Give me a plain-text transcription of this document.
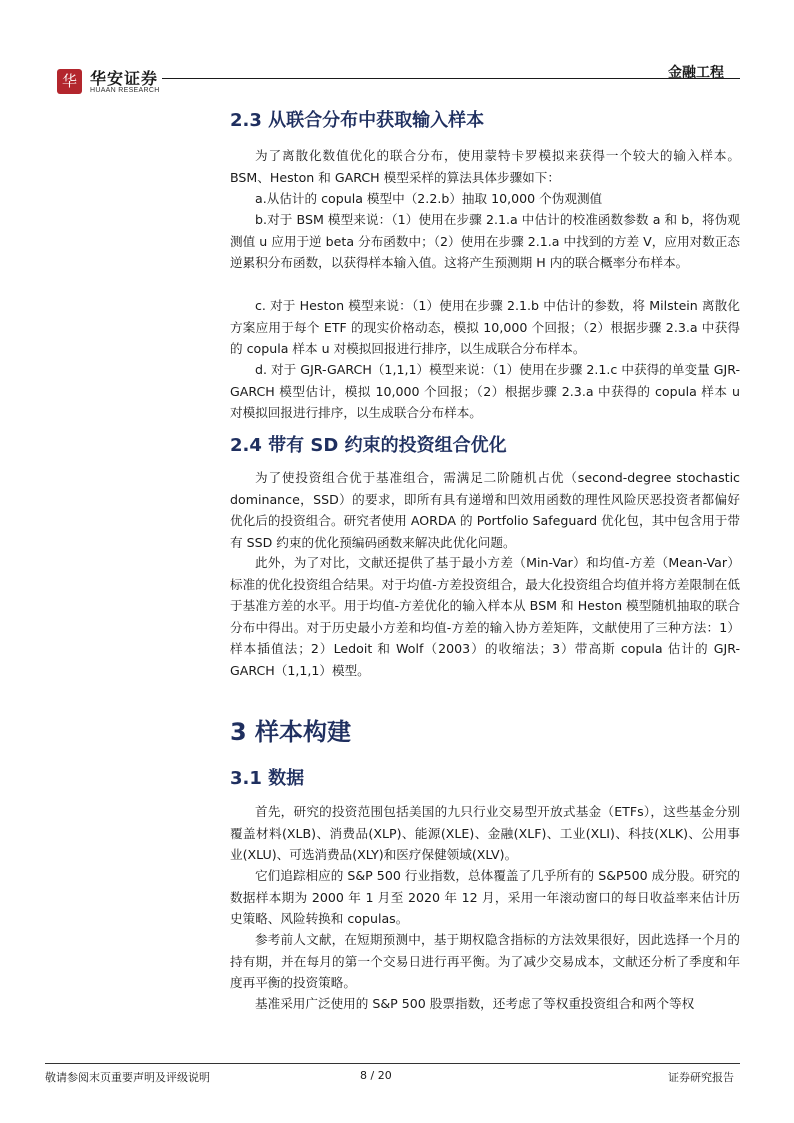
华 华安证券
HUAAN RESEARCH
金融工程
2.3 从联合分布中获取输入样本

为了离散化数值优化的联合分布，使用蒙特卡罗模拟来获得一个较大的输入样本。BSM、Heston 和 GARCH 模型采样的算法具体步骤如下：

a.从估计的 copula 模型中（2.2.b）抽取 10,000 个伪观测值

b.对于 BSM 模型来说：（1）使用在步骤 2.1.a 中估计的校准函数参数 a 和 b，将伪观测值 u 应用于逆 beta 分布函数中；（2）使用在步骤 2.1.a 中找到的方差 V，应用对数正态逆累积分布函数，以获得样本输入值。这将产生预测期 H 内的联合概率分布样本。

c. 对于 Heston 模型来说：（1）使用在步骤 2.1.b 中估计的参数，将 Milstein 离散化方案应用于每个 ETF 的现实价格动态，模拟 10,000 个回报；（2）根据步骤 2.3.a 中获得的 copula 样本 u 对模拟回报进行排序，以生成联合分布样本。

d. 对于 GJR-GARCH（1,1,1）模型来说：（1）使用在步骤 2.1.c 中获得的单变量 GJR-GARCH 模型估计，模拟 10,000 个回报；（2）根据步骤 2.3.a 中获得的 copula 样本 u 对模拟回报进行排序，以生成联合分布样本。

2.4 带有 SD 约束的投资组合优化

为了使投资组合优于基准组合，需满足二阶随机占优（second-degree stochastic dominance，SSD）的要求，即所有具有递增和凹效用函数的理性风险厌恶投资者都偏好优化后的投资组合。研究者使用 AORDA 的 Portfolio Safeguard 优化包，其中包含用于带有 SSD 约束的优化预编码函数来解决此优化问题。

此外，为了对比，文献还提供了基于最小方差（Min-Var）和均值-方差（Mean-Var）标准的优化投资组合结果。对于均值-方差投资组合，最大化投资组合均值并将方差限制在低于基准方差的水平。用于均值-方差优化的输入样本从 BSM 和 Heston 模型随机抽取的联合分布中得出。对于历史最小方差和均值-方差的输入协方差矩阵，文献使用了三种方法：1）样本插值法；2）Ledoit 和 Wolf（2003）的收缩法；3）带高斯 copula 估计的 GJR-GARCH（1,1,1）模型。

3 样本构建
3.1 数据

首先，研究的投资范围包括美国的九只行业交易型开放式基金（ETFs），这些基金分别覆盖材料(XLB)、消费品(XLP)、能源(XLE)、金融(XLF)、工业(XLI)、科技(XLK)、公用事业(XLU)、可选消费品(XLY)和医疗保健领域(XLV)。

它们追踪相应的 S&P 500 行业指数，总体覆盖了几乎所有的 S&P500 成分股。研究的数据样本期为 2000 年 1 月至 2020 年 12 月，采用一年滚动窗口的每日收益率来估计历史策略、风险转换和 copulas。

参考前人文献，在短期预测中，基于期权隐含指标的方法效果很好，因此选择一个月的持有期，并在每月的第一个交易日进行再平衡。为了减少交易成本，文献还分析了季度和年度再平衡的投资策略。

基准采用广泛使用的 S&P 500 股票指数，还考虑了等权重投资组合和两个等权

敬请参阅末页重要声明及评级说明	8 / 20	证券研究报告
